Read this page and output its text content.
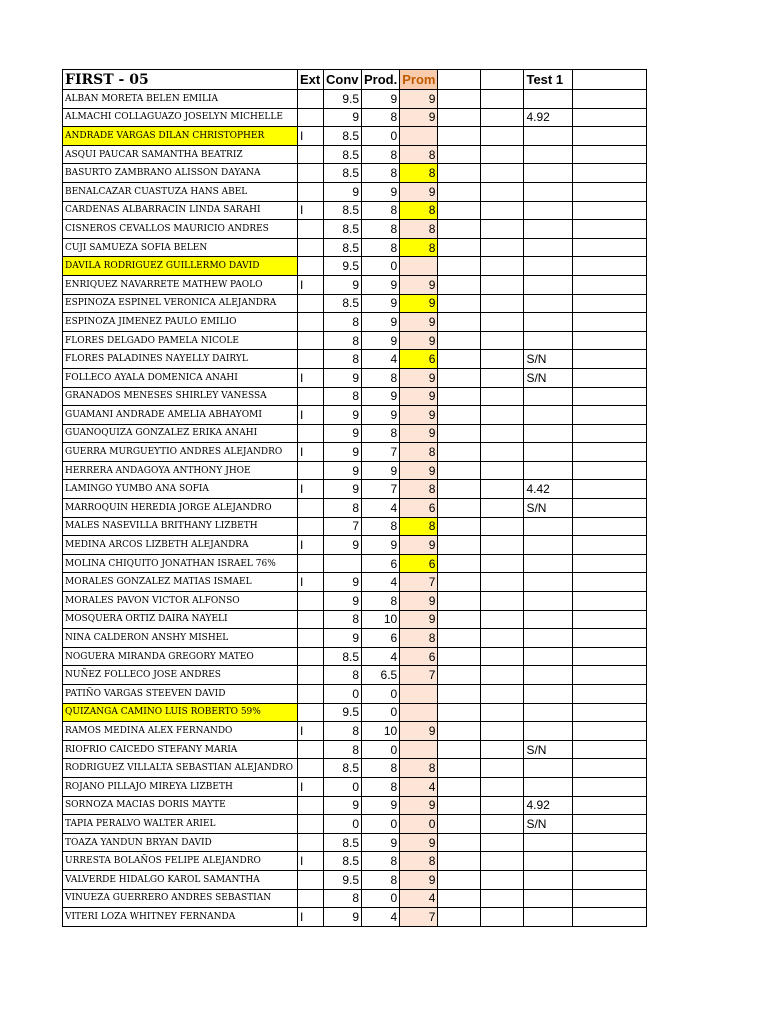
FIRST - 05	Ext	Conv	Prod.	Prom			Test 1	
ALBAN MORETA BELEN EMILIA		9.5	9	9				
ALMACHI COLLAGUAZO JOSELYN MICHELLE		9	8	9			4.92	
ANDRADE VARGAS DILAN CHRISTOPHER	I	8.5	0					
ASQUI PAUCAR SAMANTHA BEATRIZ		8.5	8	8				
BASURTO ZAMBRANO ALISSON DAYANA		8.5	8	8				
BENALCAZAR CUASTUZA HANS ABEL		9	9	9				
CARDENAS ALBARRACIN LINDA SARAHI	I	8.5	8	8				
CISNEROS CEVALLOS MAURICIO ANDRES		8.5	8	8				
CUJI SAMUEZA SOFIA BELEN		8.5	8	8				
DAVILA RODRIGUEZ GUILLERMO DAVID		9.5	0					
ENRIQUEZ NAVARRETE MATHEW PAOLO	I	9	9	9				
ESPINOZA ESPINEL VERONICA ALEJANDRA		8.5	9	9				
ESPINOZA JIMENEZ PAULO EMILIO		8	9	9				
FLORES DELGADO PAMELA NICOLE		8	9	9				
FLORES PALADINES NAYELLY DAIRYL		8	4	6			S/N	
FOLLECO AYALA DOMENICA ANAHI	I	9	8	9			S/N	
GRANADOS MENESES SHIRLEY VANESSA		8	9	9				
GUAMANI ANDRADE AMELIA ABHAYOMI	I	9	9	9				
GUANOQUIZA GONZALEZ ERIKA ANAHI		9	8	9				
GUERRA MURGUEYTIO ANDRES ALEJANDRO	I	9	7	8				
HERRERA ANDAGOYA ANTHONY JHOE		9	9	9				
LAMINGO YUMBO ANA SOFIA	I	9	7	8			4.42	
MARROQUIN HEREDIA JORGE ALEJANDRO		8	4	6			S/N	
MALES NASEVILLA BRITHANY LIZBETH		7	8	8				
MEDINA ARCOS LIZBETH ALEJANDRA	I	9	9	9				
MOLINA CHIQUITO JONATHAN ISRAEL 76%			6	6				
MORALES GONZALEZ MATIAS ISMAEL	I	9	4	7				
MORALES PAVON VICTOR ALFONSO		9	8	9				
MOSQUERA ORTIZ DAIRA NAYELI		8	10	9				
NINA CALDERON ANSHY MISHEL		9	6	8				
NOGUERA MIRANDA GREGORY MATEO		8.5	4	6				
NUÑEZ FOLLECO JOSE ANDRES		8	6.5	7				
PATIÑO VARGAS STEEVEN DAVID		0	0					
QUIZANGA CAMINO LUIS ROBERTO 59%		9.5	0					
RAMOS MEDINA ALEX FERNANDO	I	8	10	9				
RIOFRIO CAICEDO STEFANY MARIA		8	0				S/N	
RODRIGUEZ VILLALTA SEBASTIAN ALEJANDRO		8.5	8	8				
ROJANO PILLAJO MIREYA LIZBETH	I	0	8	4				
SORNOZA MACIAS DORIS MAYTE		9	9	9			4.92	
TAPIA PERALVO WALTER ARIEL		0	0	0			S/N	
TOAZA YANDUN BRYAN DAVID		8.5	9	9				
URRESTA BOLAÑOS FELIPE ALEJANDRO	I	8.5	8	8				
VALVERDE HIDALGO KAROL SAMANTHA		9.5	8	9				
VINUEZA GUERRERO ANDRES SEBASTIAN		8	0	4				
VITERI LOZA WHITNEY FERNANDA	I	9	4	7				
